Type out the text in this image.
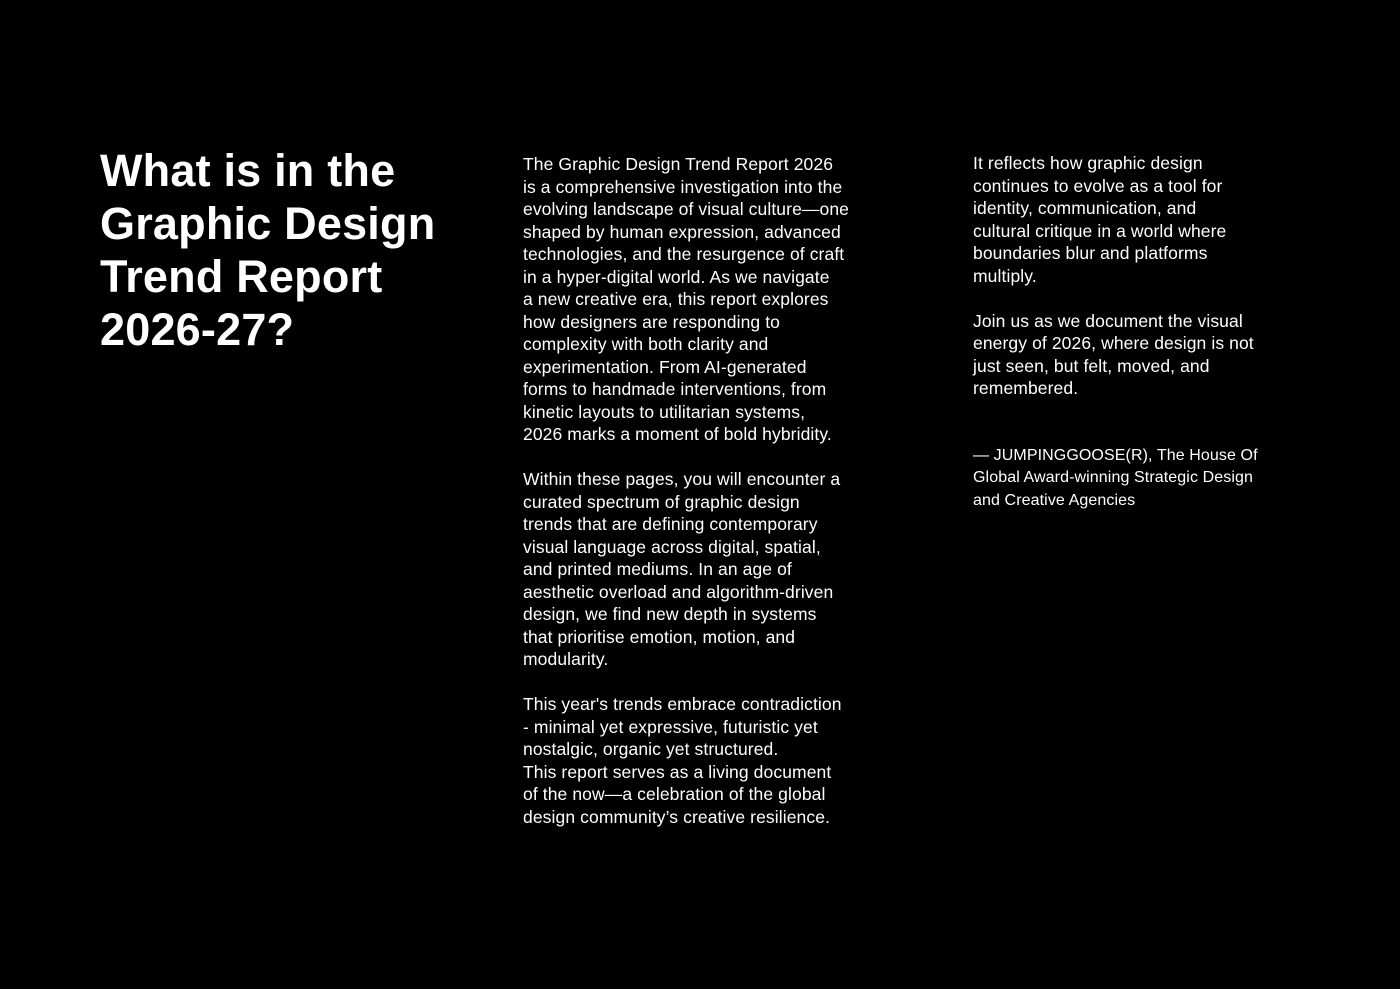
What is in the
Graphic Design
Trend Report
2026-27?

The Graphic Design Trend Report 2026
is a comprehensive investigation into the
evolving landscape of visual culture—one
shaped by human expression, advanced
technologies, and the resurgence of craft
in a hyper-digital world. As we navigate
a new creative era, this report explores
how designers are responding to
complexity with both clarity and
experimentation. From AI-generated
forms to handmade interventions, from
kinetic layouts to utilitarian systems,
2026 marks a moment of bold hybridity.

Within these pages, you will encounter a
curated spectrum of graphic design
trends that are defining contemporary
visual language across digital, spatial,
and printed mediums. In an age of
aesthetic overload and algorithm-driven
design, we find new depth in systems
that prioritise emotion, motion, and
modularity.

This year's trends embrace contradiction
- minimal yet expressive, futuristic yet
nostalgic, organic yet structured.
This report serves as a living document
of the now—a celebration of the global
design community’s creative resilience.

It reflects how graphic design
continues to evolve as a tool for
identity, communication, and
cultural critique in a world where
boundaries blur and platforms
multiply.

Join us as we document the visual
energy of 2026, where design is not
just seen, but felt, moved, and
remembered.

— JUMPINGGOOSE(R), The House Of
Global Award-winning Strategic Design
and Creative Agencies
